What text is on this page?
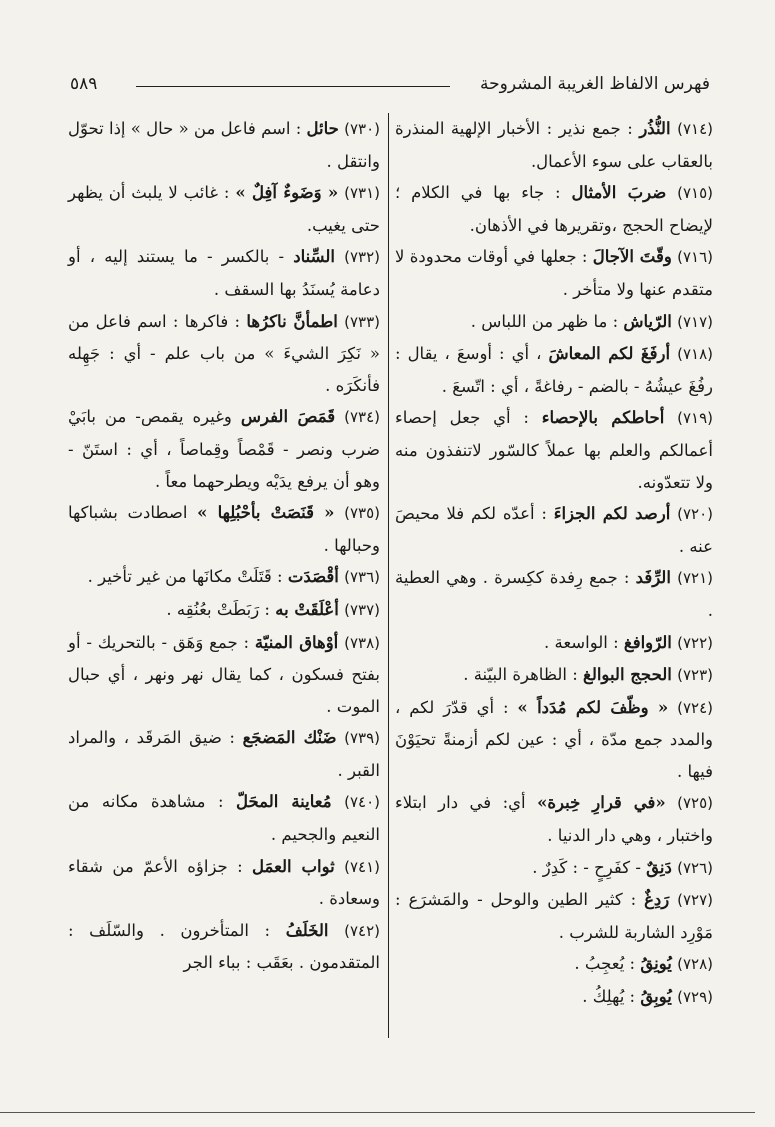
فهرس الالفاظ الغريبة المشروحة
٥٨٩
(٧١٤) النُّذُر : جمع نذير : الأخبار الإلهية المنذرة بالعقاب على سوء الأعمال.
(٧١٥) ضربَ الأمثال : جاء بها في الكلام ؛ لإيضاح الحجج ،وتقريرها في الأذهان.
(٧١٦) وقّتَ الآجالَ : جعلها في أوقات محدودة لا متقدم عنها ولا متأخر .
(٧١٧) الرّياش : ما ظهر من اللباس .
(٧١٨) أرفَغَ لكم المعاشَ ، أي : أوسعَ ، يقال : رفُغَ عيشُهُ - بالضم - رفاغةً ، أي : اتّسعَ .
(٧١٩) أحاطكم بالإحصاء : أي جعل إحصاء أعمالكم والعلم بها عملاً كالسّور لاتنفذون منه ولا تتعدّونه.
(٧٢٠) أرصد لكم الجزاءَ : أعدّه لكم فلا محيصَ عنه .
(٧٢١) الرِّفَد : جمع رِفدة ككِسرة . وهي العطية .
(٧٢٢) الرّوافغ : الواسعة .
(٧٢٣) الحجج البوالغ : الظاهرة البيّنة .
(٧٢٤) « وظّفَ لكم مُدَداً » : أي قدّرَ لكم ، والمدد جمع مدّة ، أي : عين لكم أزمنةً تحيَوْنَ فيها .
(٧٢٥) «في قرارِ خِبرة» أي: في دار ابتلاء واختبار ، وهي دار الدنيا .
(٧٢٦) دَنِقٌ - كفَرِحٍ - : كَدِرٌ .
(٧٢٧) رَدِغٌ : كثير الطين والوحل - والمَشرَع : مَوْرِد الشاربة للشرب .
(٧٢٨) يُونِقُ : يُعجِبُ .
(٧٢٩) يُوبِقُ : يُهلِكُ .
(٧٣٠) حائل : اسم فاعل من « حال » إذا تحوّل وانتقل .
(٧٣١) « وَضَوءٌ آفِلٌ » : غائب لا يلبث أن يظهر حتى يغيب.
(٧٣٢) السِّناد - بالكسر - ما يستند إليه ، أو دعامة يُسنَدُ بها السقف .
(٧٣٣) اطمأنَّ ناكرُها : فاكرها : اسم فاعل من « نَكِرَ الشيءَ » من باب علم - أي : جَهِله فأنكَرَه .
(٧٣٤) قَمَصَ الفرس وغيره يقمص- من بابَيْ ضرب ونصر - قَمْصاً وقِماصاً ، أي : استَنّ - وهو أن يرفع يدَيْه ويطرحهما معاً .
(٧٣٥) « قَنَصَتْ بأحْبُلِها » اصطادت بشباكها وحبالها .
(٧٣٦) أقْصَدَت : قَتَلَتْ مكانَها من غير تأخير .
(٧٣٧) أعْلَقَتْ به : رَبَطَتْ بعُنُقِه .
(٧٣٨) أوْهاق المنيّة : جمع وَهَق - بالتحريك - أو بفتح فسكون ، كما يقال نهر ونهر ، أي حبال الموت .
(٧٣٩) ضَنْك المَضجَع : ضيق المَرقَد ، والمراد القبر .
(٧٤٠) مُعاينة المحَلّ : مشاهدة مكانه من النعيم والجحيم .
(٧٤١) ثواب العمَل : جزاؤه الأعمّ من شقاء وسعادة .
(٧٤٢) الخَلَفُ : المتأخرون . والسّلَف : المتقدمون . بعَقَب : بباء الجر
